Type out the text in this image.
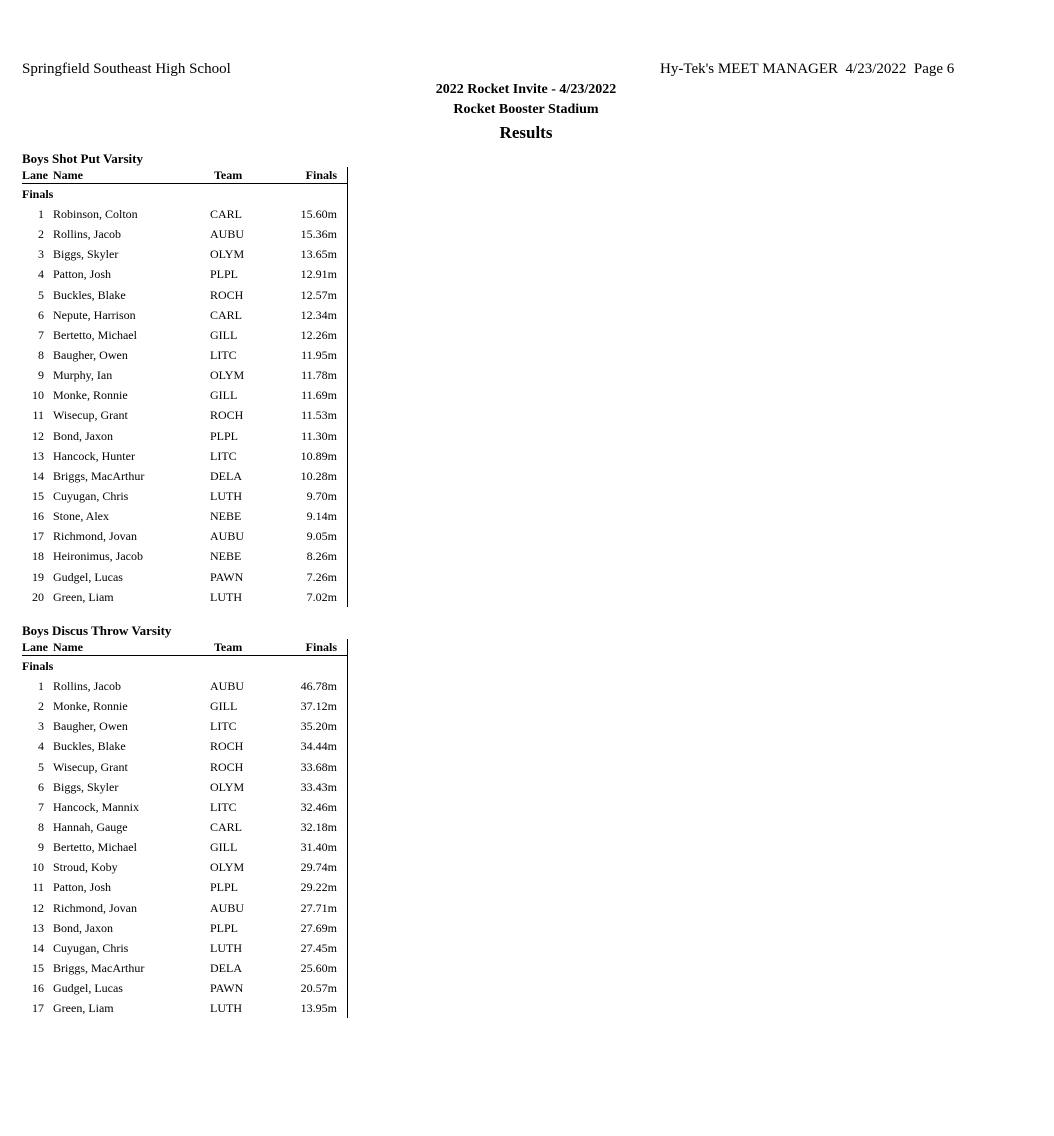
Springfield Southeast High School	Hy-Tek's MEET MANAGER  4/23/2022  Page 6
2022 Rocket Invite - 4/23/2022
Rocket Booster Stadium
Results
Boys Shot Put Varsity
Lane Name	Team	Finals
Finals
1 Robinson, Colton	CARL	15.60m
2 Rollins, Jacob	AUBU	15.36m
3 Biggs, Skyler	OLYM	13.65m
4 Patton, Josh	PLPL	12.91m
5 Buckles, Blake	ROCH	12.57m
6 Nepute, Harrison	CARL	12.34m
7 Bertetto, Michael	GILL	12.26m
8 Baugher, Owen	LITC	11.95m
9 Murphy, Ian	OLYM	11.78m
10 Monke, Ronnie	GILL	11.69m
11 Wisecup, Grant	ROCH	11.53m
12 Bond, Jaxon	PLPL	11.30m
13 Hancock, Hunter	LITC	10.89m
14 Briggs, MacArthur	DELA	10.28m
15 Cuyugan, Chris	LUTH	9.70m
16 Stone, Alex	NEBE	9.14m
17 Richmond, Jovan	AUBU	9.05m
18 Heironimus, Jacob	NEBE	8.26m
19 Gudgel, Lucas	PAWN	7.26m
20 Green, Liam	LUTH	7.02m
Boys Discus Throw Varsity
Lane Name	Team	Finals
Finals
1 Rollins, Jacob	AUBU	46.78m
2 Monke, Ronnie	GILL	37.12m
3 Baugher, Owen	LITC	35.20m
4 Buckles, Blake	ROCH	34.44m
5 Wisecup, Grant	ROCH	33.68m
6 Biggs, Skyler	OLYM	33.43m
7 Hancock, Mannix	LITC	32.46m
8 Hannah, Gauge	CARL	32.18m
9 Bertetto, Michael	GILL	31.40m
10 Stroud, Koby	OLYM	29.74m
11 Patton, Josh	PLPL	29.22m
12 Richmond, Jovan	AUBU	27.71m
13 Bond, Jaxon	PLPL	27.69m
14 Cuyugan, Chris	LUTH	27.45m
15 Briggs, MacArthur	DELA	25.60m
16 Gudgel, Lucas	PAWN	20.57m
17 Green, Liam	LUTH	13.95m
